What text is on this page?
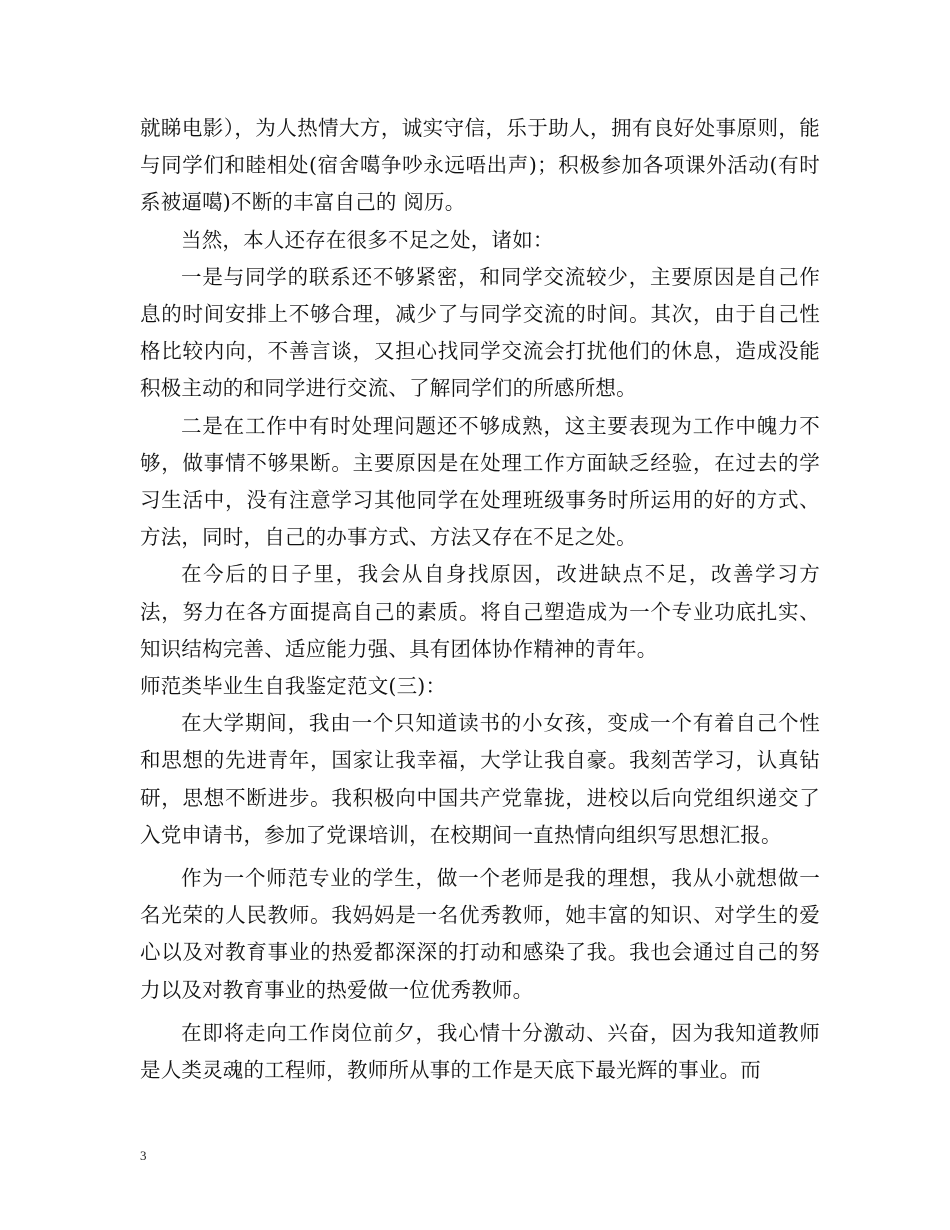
就睇电影），为人热情大方，诚实守信，乐于助人，拥有良好处事原则，能与同学们和睦相处(宿舍噶争吵永远唔出声)；积极参加各项课外活动(有时系被逼噶)不断的丰富自己的 阅历。

当然，本人还存在很多不足之处，诸如：

一是与同学的联系还不够紧密，和同学交流较少，主要原因是自己作息的时间安排上不够合理，减少了与同学交流的时间。其次，由于自己性格比较内向，不善言谈，又担心找同学交流会打扰他们的休息，造成没能积极主动的和同学进行交流、了解同学们的所感所想。

二是在工作中有时处理问题还不够成熟，这主要表现为工作中魄力不够，做事情不够果断。主要原因是在处理工作方面缺乏经验，在过去的学习生活中，没有注意学习其他同学在处理班级事务时所运用的好的方式、方法，同时，自己的办事方式、方法又存在不足之处。

在今后的日子里，我会从自身找原因，改进缺点不足，改善学习方法，努力在各方面提高自己的素质。将自己塑造成为一个专业功底扎实、知识结构完善、适应能力强、具有团体协作精神的青年。

师范类毕业生自我鉴定范文(三)：

在大学期间，我由一个只知道读书的小女孩，变成一个有着自己个性和思想的先进青年，国家让我幸福，大学让我自豪。我刻苦学习，认真钻研，思想不断进步。我积极向中国共产党靠拢，进校以后向党组织递交了入党申请书，参加了党课培训，在校期间一直热情向组织写思想汇报。

作为一个师范专业的学生，做一个老师是我的理想，我从小就想做一名光荣的人民教师。我妈妈是一名优秀教师，她丰富的知识、对学生的爱心以及对教育事业的热爱都深深的打动和感染了我。我也会通过自己的努力以及对教育事业的热爱做一位优秀教师。

在即将走向工作岗位前夕，我心情十分激动、兴奋，因为我知道教师是人类灵魂的工程师，教师所从事的工作是天底下最光辉的事业。而

3
